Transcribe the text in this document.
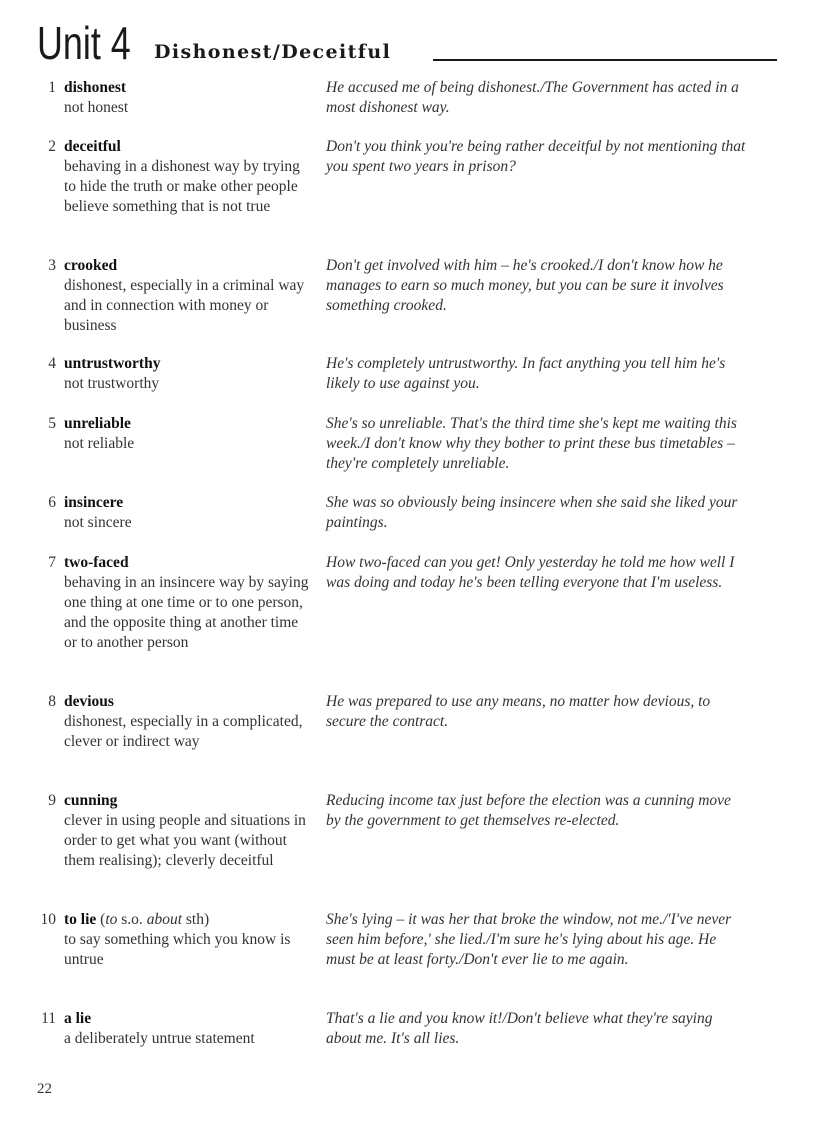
Unit 4 Dishonest/Deceitful
1 dishonest
not honest
He accused me of being dishonest./The Government has acted in a most dishonest way.
2 deceitful
behaving in a dishonest way by trying to hide the truth or make other people believe something that is not true
Don't you think you're being rather deceitful by not mentioning that you spent two years in prison?
3 crooked
dishonest, especially in a criminal way and in connection with money or business
Don't get involved with him – he's crooked./I don't know how he manages to earn so much money, but you can be sure it involves something crooked.
4 untrustworthy
not trustworthy
He's completely untrustworthy. In fact anything you tell him he's likely to use against you.
5 unreliable
not reliable
She's so unreliable. That's the third time she's kept me waiting this week./I don't know why they bother to print these bus timetables – they're completely unreliable.
6 insincere
not sincere
She was so obviously being insincere when she said she liked your paintings.
7 two-faced
behaving in an insincere way by saying one thing at one time or to one person, and the opposite thing at another time or to another person
How two-faced can you get! Only yesterday he told me how well I was doing and today he's been telling everyone that I'm useless.
8 devious
dishonest, especially in a complicated, clever or indirect way
He was prepared to use any means, no matter how devious, to secure the contract.
9 cunning
clever in using people and situations in order to get what you want (without them realising); cleverly deceitful
Reducing income tax just before the election was a cunning move by the government to get themselves re-elected.
10 to lie (to s.o. about sth)
to say something which you know is untrue
She's lying – it was her that broke the window, not me./'I've never seen him before,' she lied./I'm sure he's lying about his age. He must be at least forty./Don't ever lie to me again.
11 a lie
a deliberately untrue statement
That's a lie and you know it!/Don't believe what they're saying about me. It's all lies.
22
